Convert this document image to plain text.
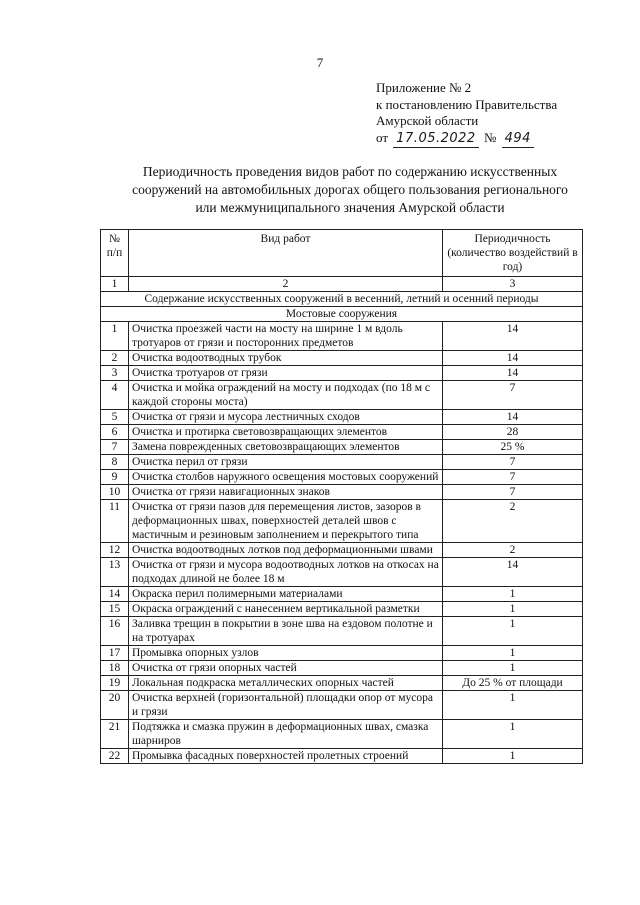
7
Приложение № 2
к постановлению Правительства
Амурской области
от 17.05.2022 № 494
Периодичность проведения видов работ по содержанию искусственных
сооружений на автомобильных дорогах общего пользования регионального
или межмуниципального значения Амурской области
№ п/п	Вид работ	Периодичность (количество воздействий в год)
1	2	3
Содержание искусственных сооружений в весенний, летний и осенний периоды		
Мостовые сооружения		
1	Очистка проезжей части на мосту на ширине 1 м вдоль тротуаров от грязи и посторонних предметов	14
2	Очистка водоотводных трубок	14
3	Очистка тротуаров от грязи	14
4	Очистка и мойка ограждений на мосту и подходах (по 18 м с каждой стороны моста)	7
5	Очистка от грязи и мусора лестничных сходов	14
6	Очистка и протирка световозвращающих элементов	28
7	Замена поврежденных световозвращающих элементов	25 %
8	Очистка перил от грязи	7
9	Очистка столбов наружного освещения мостовых сооружений	7
10	Очистка от грязи навигационных знаков	7
11	Очистка от грязи пазов для перемещения листов, зазоров в деформационных швах, поверхностей деталей швов с мастичным и резиновым заполнением и перекрытого типа	2
12	Очистка водоотводных лотков под деформационными швами	2
13	Очистка от грязи и мусора водоотводных лотков на откосах на подходах длиной не более 18 м	14
14	Окраска перил полимерными материалами	1
15	Окраска ограждений с нанесением вертикальной разметки	1
16	Заливка трещин в покрытии в зоне шва на ездовом полотне и на тротуарах	1
17	Промывка опорных узлов	1
18	Очистка от грязи опорных частей	1
19	Локальная подкраска металлических опорных частей	До 25 % от площади
20	Очистка верхней (горизонтальной) площадки опор от мусора и грязи	1
21	Подтяжка и смазка пружин в деформационных швах, смазка шарниров	1
22	Промывка фасадных поверхностей пролетных строений	1
